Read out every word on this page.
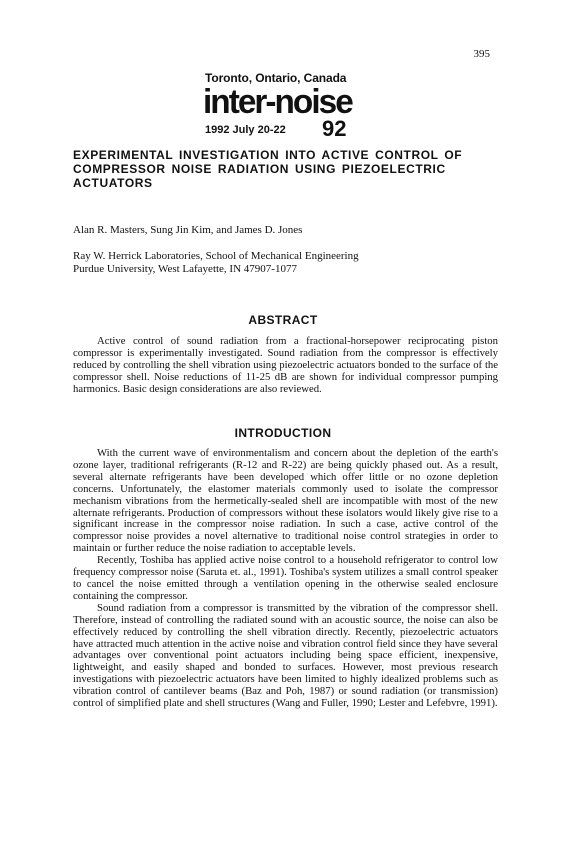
395
Toronto, Ontario, Canada
inter-noise
1992 July 20-22 92
EXPERIMENTAL INVESTIGATION INTO ACTIVE CONTROL OF COMPRESSOR NOISE RADIATION USING PIEZOELECTRIC ACTUATORS
Alan R. Masters, Sung Jin Kim, and James D. Jones
Ray W. Herrick Laboratories, School of Mechanical Engineering
Purdue University, West Lafayette, IN 47907-1077
ABSTRACT

Active control of sound radiation from a fractional-horsepower reciprocating piston compressor is experimentally investigated. Sound radiation from the compressor is effectively reduced by controlling the shell vibration using piezoelectric actuators bonded to the surface of the compressor shell. Noise reductions of 11-25 dB are shown for individual compressor pumping harmonics. Basic design considerations are also reviewed.

INTRODUCTION

With the current wave of environmentalism and concern about the depletion of the earth's ozone layer, traditional refrigerants (R-12 and R-22) are being quickly phased out. As a result, several alternate refrigerants have been developed which offer little or no ozone depletion concerns. Unfortunately, the elastomer materials commonly used to isolate the compressor mechanism vibrations from the hermetically-sealed shell are incompatible with most of the new alternate refrigerants. Production of compressors without these isolators would likely give rise to a significant increase in the compressor noise radiation. In such a case, active control of the compressor noise provides a novel alternative to traditional noise control strategies in order to maintain or further reduce the noise radiation to acceptable levels.

Recently, Toshiba has applied active noise control to a household refrigerator to control low frequency compressor noise (Saruta et. al., 1991). Toshiba's system utilizes a small control speaker to cancel the noise emitted through a ventilation opening in the otherwise sealed enclosure containing the compressor.

Sound radiation from a compressor is transmitted by the vibration of the compressor shell. Therefore, instead of controlling the radiated sound with an acoustic source, the noise can also be effectively reduced by controlling the shell vibration directly. Recently, piezoelectric actuators have attracted much attention in the active noise and vibration control field since they have several advantages over conventional point actuators including being space efficient, inexpensive, lightweight, and easily shaped and bonded to surfaces. However, most previous research investigations with piezoelectric actuators have been limited to highly idealized problems such as vibration control of cantilever beams (Baz and Poh, 1987) or sound radiation (or transmission) control of simplified plate and shell structures (Wang and Fuller, 1990; Lester and Lefebvre, 1991).
